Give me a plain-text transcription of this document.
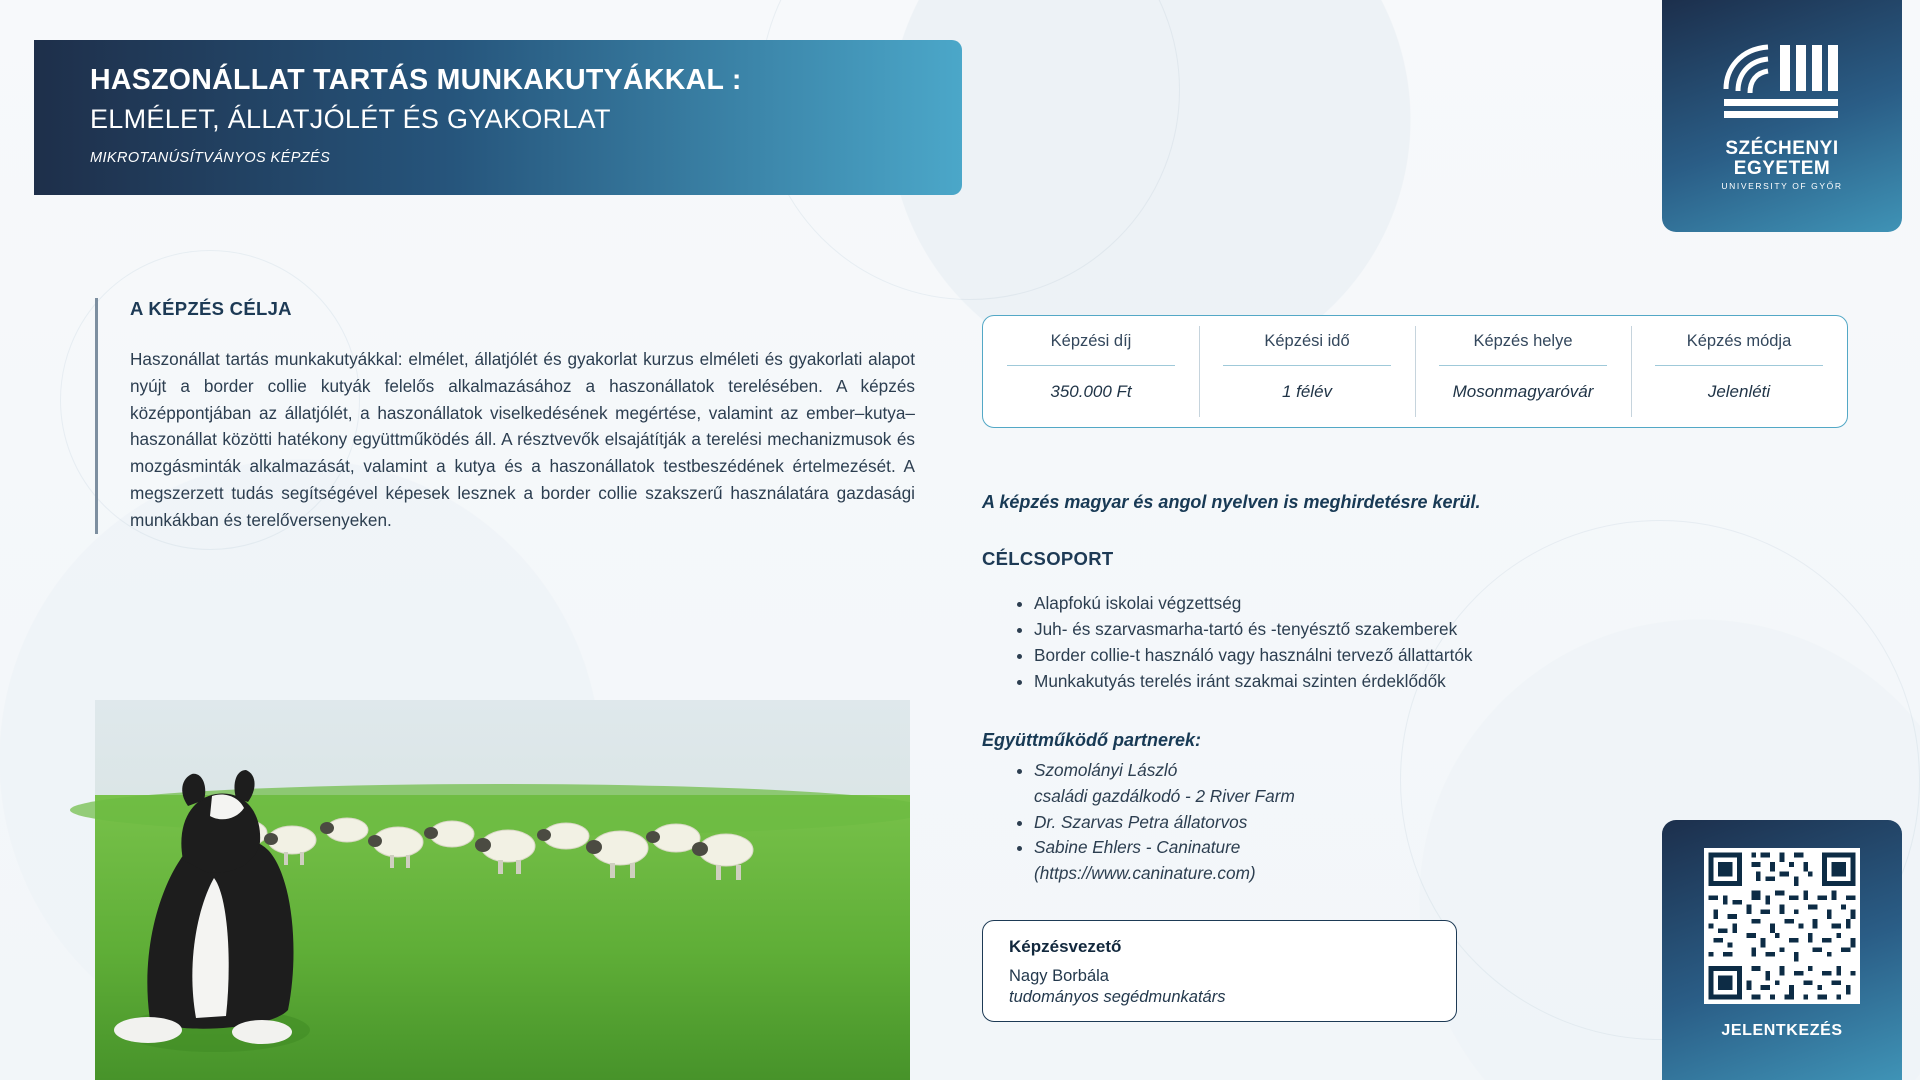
HASZONÁLLAT TARTÁS MUNKAKUTYÁKKAL :
ELMÉLET, ÁLLATJÓLÉT ÉS GYAKORLAT
MIKROTANÚSÍTVÁNYOS KÉPZÉS	SZÉCHENYI
EGYETEM
UNIVERSITY OF GYŐR
A KÉPZÉS CÉLJA
Haszonállat tartás munkakutyákkal: elmélet, állatjólét és gyakorlat kurzus elméleti és gyakorlati alapot nyújt a border collie kutyák felelős alkalmazásához a haszonállatok terelésében. A képzés középpontjában az állatjólét, a haszonállatok viselkedésének megértése, valamint az ember–kutya–haszonállat közötti hatékony együttműködés áll. A résztvevők elsajátítják a terelési mechanizmusok és mozgásminták alkalmazását, valamint a kutya és a haszonállatok testbeszédének értelmezését. A megszerzett tudás segítségével képesek lesznek a border collie szakszerű használatára gazdasági munkákban és terelőversenyeken.
Képzési díj
350.000 Ft
Képzési idő
1 félév
Képzés helye
Mosonmagyaróvár
Képzés módja
Jelenléti
A képzés magyar és angol nyelven is meghirdetésre kerül.
CÉLCSOPORT
• Alapfokú iskolai végzettség
• Juh- és szarvasmarha-tartó és -tenyésztő szakemberek
• Border collie-t használó vagy használni tervező állattartók
• Munkakutyás terelés iránt szakmai szinten érdeklődők
Együttműködő partnerek:
• Szomolányi László
családi gazdálkodó - 2 River Farm
• Dr. Szarvas Petra állatorvos
• Sabine Ehlers - Caninature
(https://www.caninature.com)
Képzésvezető
Nagy Borbála
tudományos segédmunkatárs
JELENTKEZÉS
